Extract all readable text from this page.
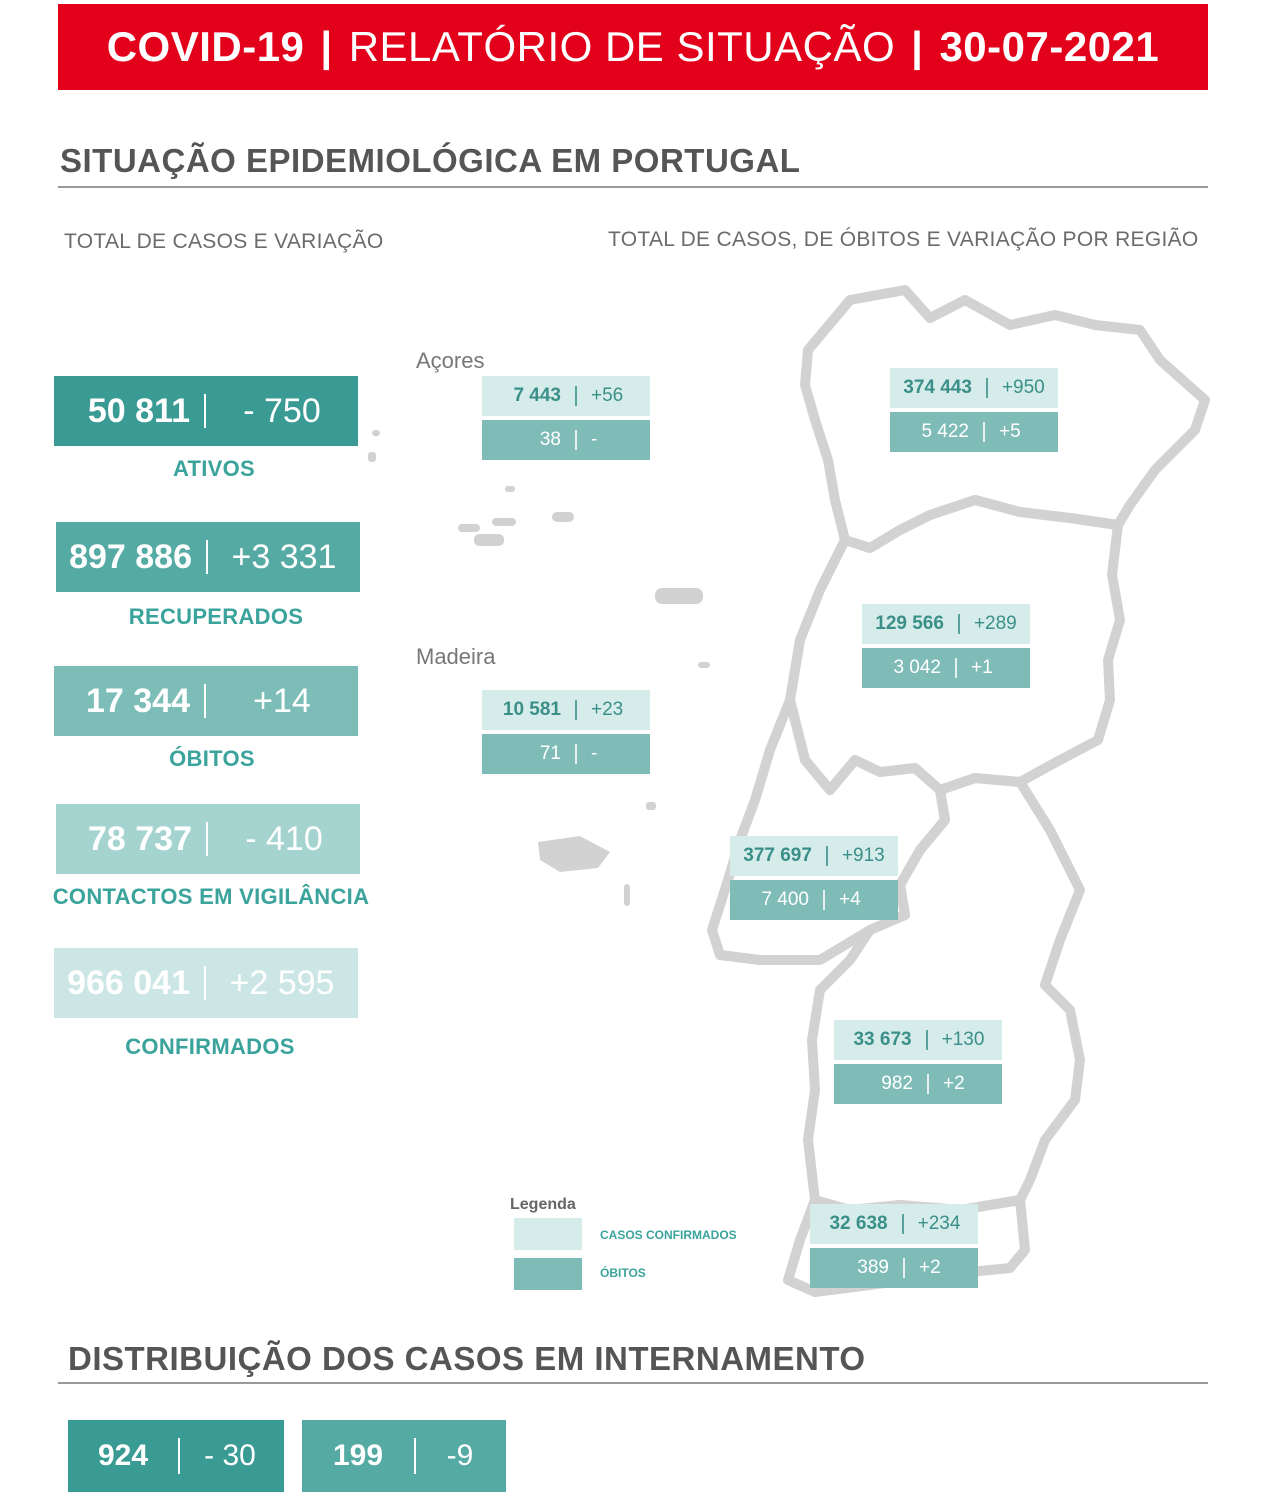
COVID-19 | RELATÓRIO DE SITUAÇÃO | 30-07-2021
SITUAÇÃO EPIDEMIOLÓGICA EM PORTUGAL
TOTAL DE CASOS E VARIAÇÃO	TOTAL DE CASOS, DE ÓBITOS E VARIAÇÃO POR REGIÃO
50 811	- 750
ATIVOS
897 886	+3 331
RECUPERADOS
17 344	+14
ÓBITOS
78 737	- 410
CONTACTOS EM VIGILÂNCIA
966 041	+2 595
CONFIRMADOS
Açores
Madeira
7 443 +56
38 -
10 581 +23
71 -
374 443 +950
5 422 +5
129 566 +289
3 042 +1
377 697 +913
7 400 +4
33 673 +130
982 +2
32 638 +234
389 +2
Legenda
CASOS CONFIRMADOS
ÓBITOS
DISTRIBUIÇÃO DOS CASOS EM INTERNAMENTO
924	- 30	199	-9
